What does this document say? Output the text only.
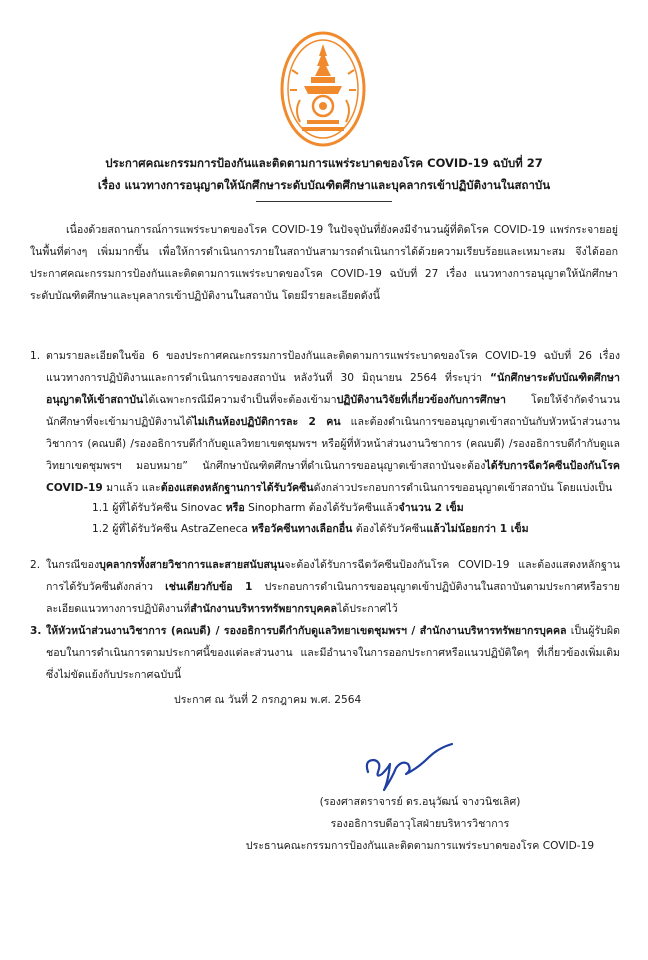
ประกาศคณะกรรมการป้องกันและติดตามการแพร่ระบาดของโรค COVID-19 ฉบับที่ 27
เรื่อง แนวทางการอนุญาตให้นักศึกษาระดับบัณฑิตศึกษาและบุคลากรเข้าปฏิบัติงานในสถาบัน
เนื่องด้วยสถานการณ์การแพร่ระบาดของโรค COVID-19 ในปัจจุบันที่ยังคงมีจำนวนผู้ที่ติดโรค COVID-19 แพร่กระจายอยู่ในพื้นที่ต่างๆ เพิ่มมากขึ้น เพื่อให้การดำเนินการภายในสถาบันสามารถดำเนินการได้ด้วยความเรียบร้อยและเหมาะสม จึงได้ออกประกาศคณะกรรมการป้องกันและติดตามการแพร่ระบาดของโรค COVID-19 ฉบับที่ 27 เรื่อง แนวทางการอนุญาตให้นักศึกษาระดับบัณฑิตศึกษาและบุคลากรเข้าปฏิบัติงานในสถาบัน โดยมีรายละเอียดดังนี้
1. ตามรายละเอียดในข้อ 6 ของประกาศคณะกรรมการป้องกันและติดตามการแพร่ระบาดของโรค COVID-19 ฉบับที่ 26 เรื่อง แนวทางการปฏิบัติงานและการดำเนินการของสถาบัน หลังวันที่ 30 มิถุนายน 2564 ที่ระบุว่า “นักศึกษาระดับบัณฑิตศึกษาอนุญาตให้เข้าสถาบันได้เฉพาะกรณีมีความจำเป็นที่จะต้องเข้ามาปฏิบัติงานวิจัยที่เกี่ยวข้องกับการศึกษา โดยให้จำกัดจำนวนนักศึกษาที่จะเข้ามาปฏิบัติงานได้ไม่เกินห้องปฏิบัติการละ 2 คน และต้องดำเนินการขออนุญาตเข้าสถาบันกับหัวหน้าส่วนงานวิชาการ (คณบดี) /รองอธิการบดีกำกับดูแลวิทยาเขตชุมพรฯ หรือผู้ที่หัวหน้าส่วนงานวิชาการ (คณบดี) /รองอธิการบดีกำกับดูแลวิทยาเขตชุมพรฯ มอบหมาย” นักศึกษาบัณฑิตศึกษาที่ดำเนินการขออนุญาตเข้าสถาบันจะต้องได้รับการฉีดวัคซีนป้องกันโรค COVID-19 มาแล้ว และต้องแสดงหลักฐานการได้รับวัคซีนดังกล่าวประกอบการดำเนินการขออนุญาตเข้าสถาบัน โดยแบ่งเป็น
1.1 ผู้ที่ได้รับวัคซีน Sinovac หรือ Sinopharm ต้องได้รับวัคซีนแล้วจำนวน 2 เข็ม
1.2 ผู้ที่ได้รับวัคซีน AstraZeneca หรือวัคซีนทางเลือกอื่น ต้องได้รับวัคซีนแล้วไม่น้อยกว่า 1 เข็ม
2. ในกรณีของบุคลากรทั้งสายวิชาการและสายสนับสนุนจะต้องได้รับการฉีดวัคซีนป้องกันโรค COVID-19 และต้องแสดงหลักฐานการได้รับวัคซีนดังกล่าว เช่นเดียวกับข้อ 1 ประกอบการดำเนินการขออนุญาตเข้าปฏิบัติงานในสถาบันตามประกาศหรือรายละเอียดแนวทางการปฏิบัติงานที่สำนักงานบริหารทรัพยากรบุคคลได้ประกาศไว้
3. ให้หัวหน้าส่วนงานวิชาการ (คณบดี) / รองอธิการบดีกำกับดูแลวิทยาเขตชุมพรฯ / สำนักงานบริหารทรัพยากรบุคคล เป็นผู้รับผิดชอบในการดำเนินการตามประกาศนี้ของแต่ละส่วนงาน และมีอำนาจในการออกประกาศหรือแนวปฏิบัติใดๆ ที่เกี่ยวข้องเพิ่มเติม ซึ่งไม่ขัดแย้งกับประกาศฉบับนี้
ประกาศ ณ วันที่ 2 กรกฎาคม พ.ศ. 2564
(รองศาสตราจารย์ ดร.อนุวัฒน์ จางวนิชเลิศ)
รองอธิการบดีอาวุโสฝ่ายบริหารวิชาการ
ประธานคณะกรรมการป้องกันและติดตามการแพร่ระบาดของโรค COVID-19
